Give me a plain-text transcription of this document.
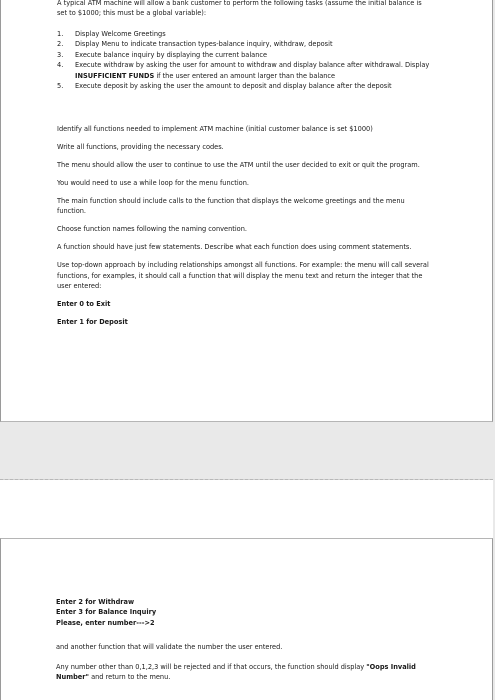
A typical ATM machine will allow a bank customer to perform the following tasks (assume the initial balance is set to $1000; this must be a global variable):

1. Display Welcome Greetings
2. Display Menu to indicate transaction types-balance inquiry, withdraw, deposit
3. Execute balance inquiry by displaying the current balance
4. Execute withdraw by asking the user for amount to withdraw and display balance after withdrawal. Display INSUFFICIENT FUNDS if the user entered an amount larger than the balance
5. Execute deposit by asking the user the amount to deposit and display balance after the deposit

Identify all functions needed to implement ATM machine (initial customer balance is set $1000)

Write all functions, providing the necessary codes.

The menu should allow the user to continue to use the ATM until the user decided to exit or quit the program.

You would need to use a while loop for the menu function.

The main function should include calls to the function that displays the welcome greetings and the menu function.

Choose function names following the naming convention.

A function should have just few statements. Describe what each function does using comment statements.

Use top-down approach by including relationships amongst all functions. For example: the menu will call several functions, for examples, it should call a function that will display the menu text and return the integer that the user entered:

Enter 0 to Exit

Enter 1 for Deposit

Enter 2 for Withdraw

Enter 3 for Balance Inquiry

Please, enter number--->2

and another function that will validate the number the user entered.

Any number other than 0,1,2,3 will be rejected and if that occurs, the function should display "Oops Invalid Number" and return to the menu.
